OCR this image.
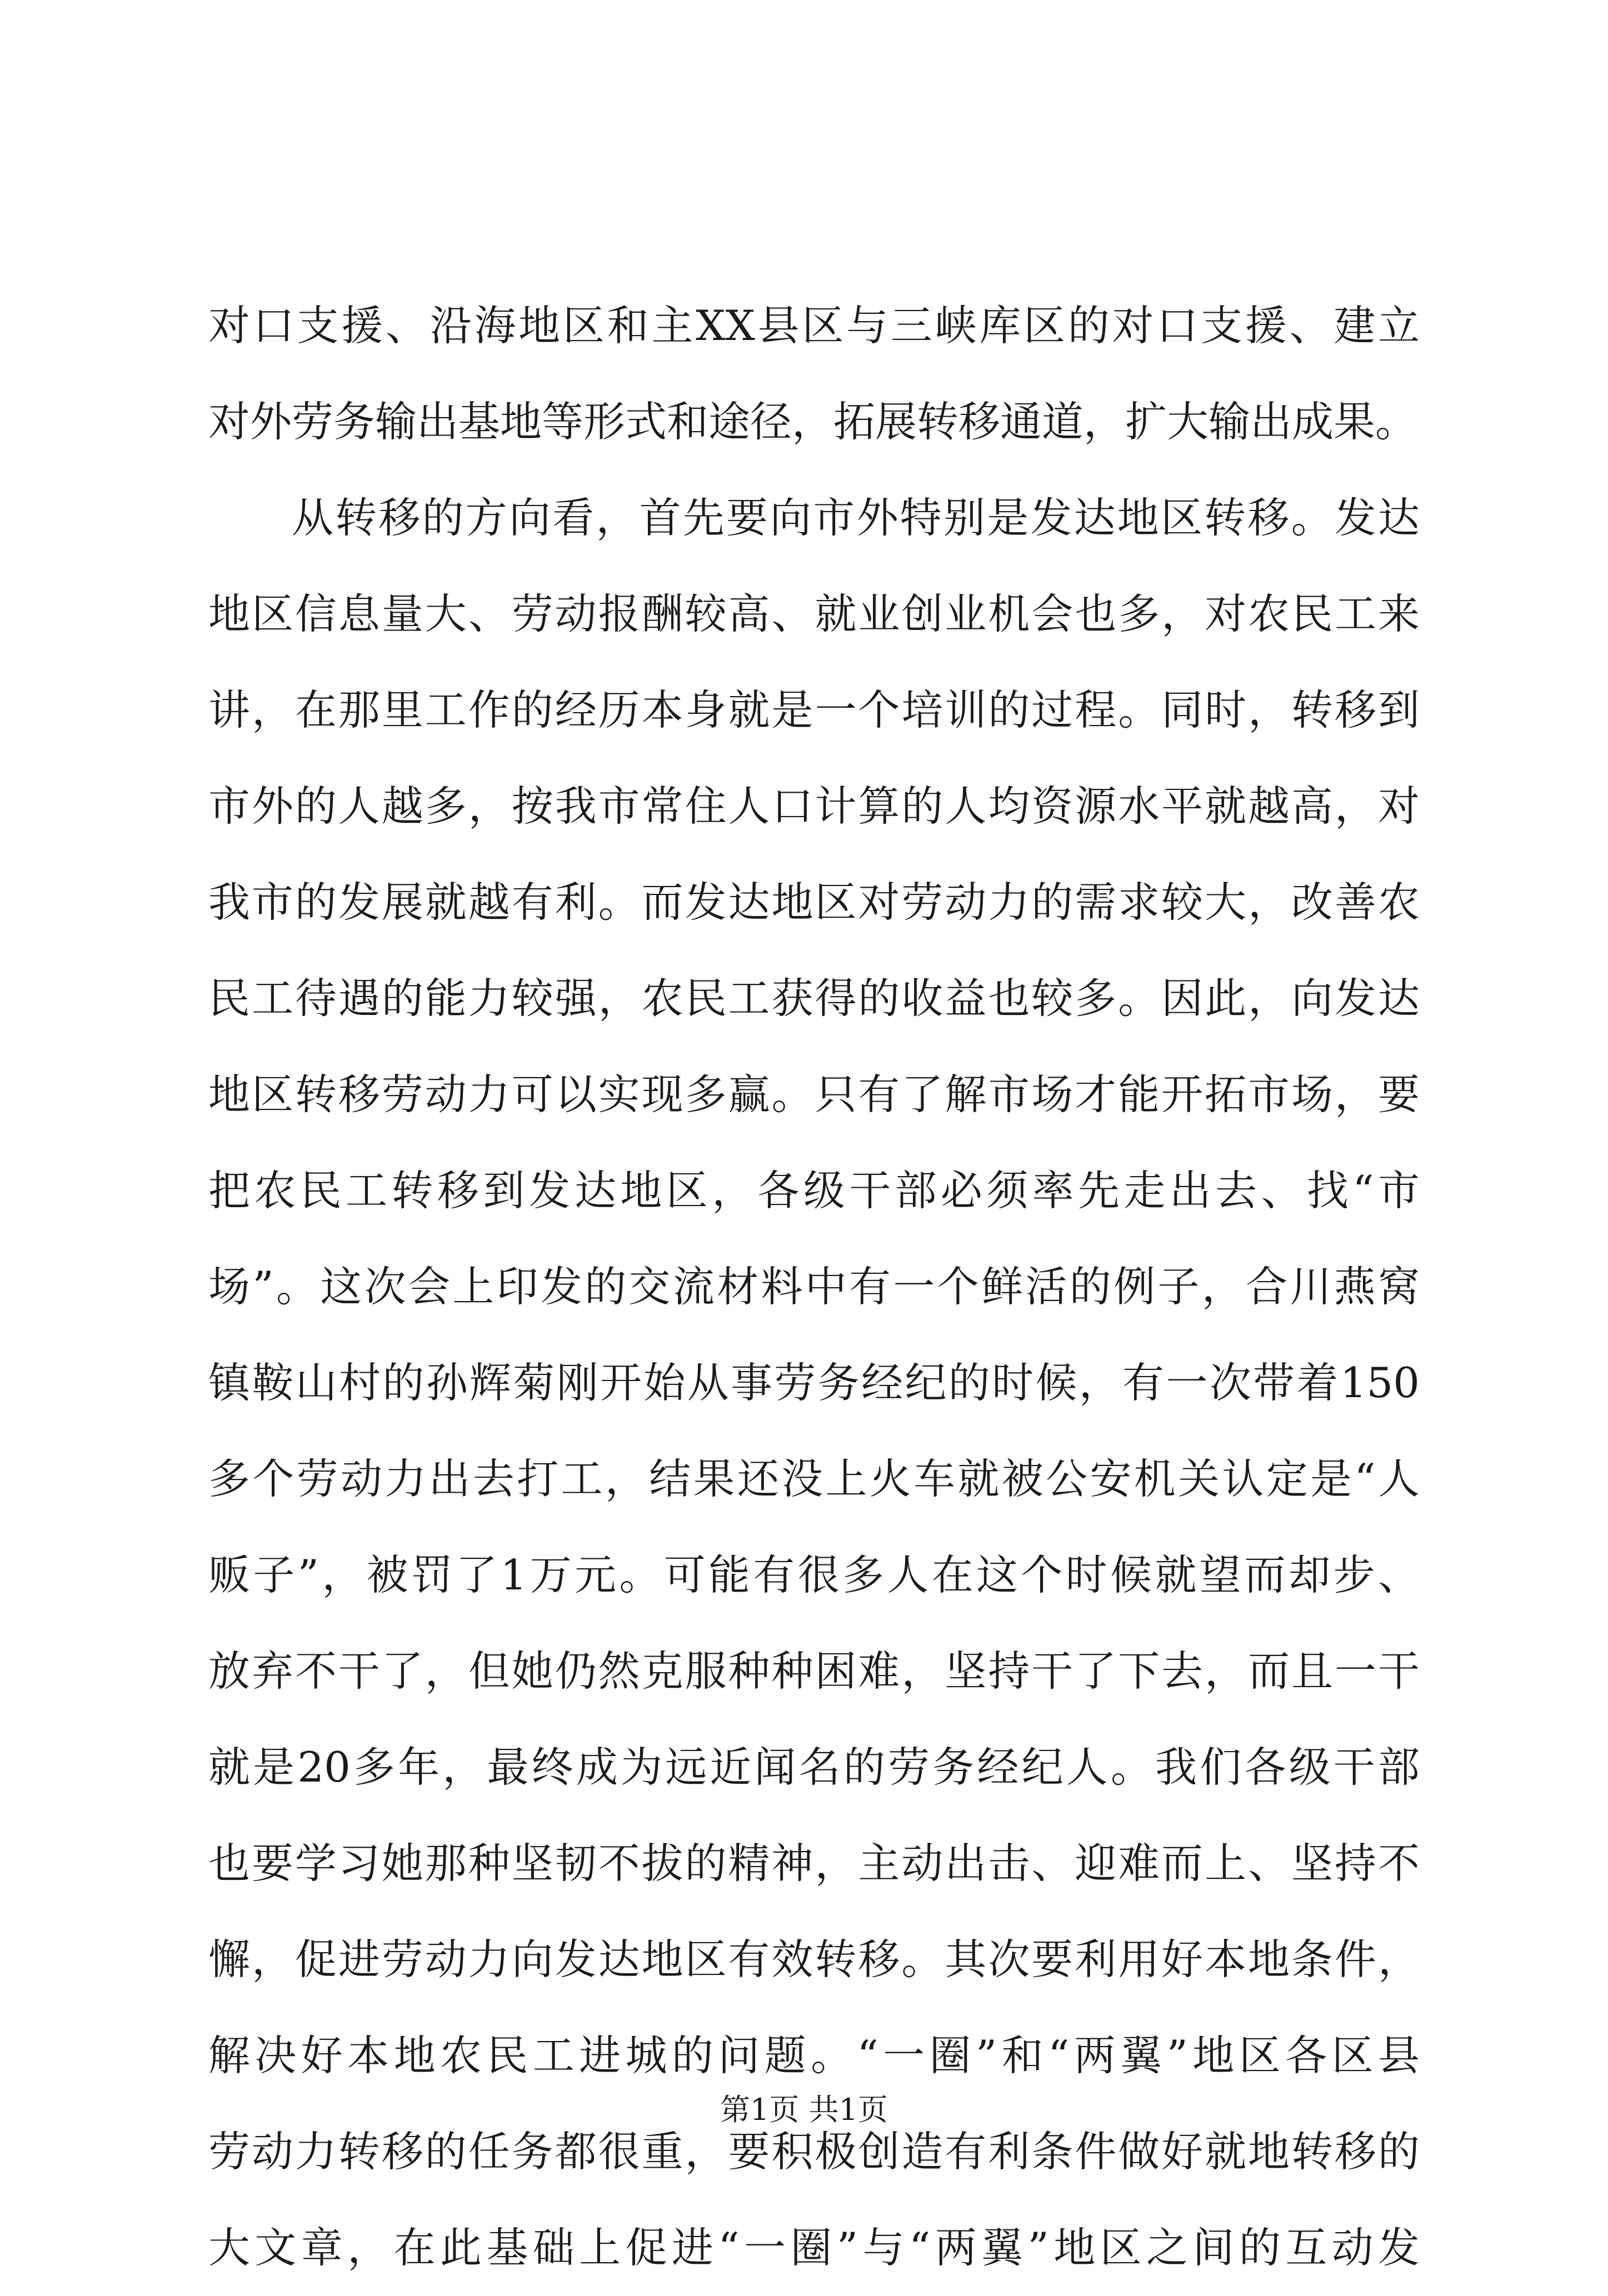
对口支援、沿海地区和主XX县区与三峡库区的对口支援、建立
对外劳务输出基地等形式和途径，拓展转移通道，扩大输出成果。
从转移的方向看，首先要向市外特别是发达地区转移。发达
地区信息量大、劳动报酬较高、就业创业机会也多，对农民工来
讲，在那里工作的经历本身就是一个培训的过程。同时，转移到
市外的人越多，按我市常住人口计算的人均资源水平就越高，对
我市的发展就越有利。而发达地区对劳动力的需求较大，改善农
民工待遇的能力较强，农民工获得的收益也较多。因此，向发达
地区转移劳动力可以实现多赢。只有了解市场才能开拓市场，要
把农民工转移到发达地区，各级干部必须率先走出去、找“市
场”。这次会上印发的交流材料中有一个鲜活的例子，合川燕窝
镇鞍山村的孙辉菊刚开始从事劳务经纪的时候，有一次带着150
多个劳动力出去打工，结果还没上火车就被公安机关认定是“人
贩子”，被罚了1万元。可能有很多人在这个时候就望而却步、
放弃不干了，但她仍然克服种种困难，坚持干了下去，而且一干
就是20多年，最终成为远近闻名的劳务经纪人。我们各级干部
也要学习她那种坚韧不拔的精神，主动出击、迎难而上、坚持不
懈，促进劳动力向发达地区有效转移。其次要利用好本地条件，
解决好本地农民工进城的问题。“一圈”和“两翼”地区各区县
劳动力转移的任务都很重，要积极创造有利条件做好就地转移的
大文章，在此基础上促进“一圈”与“两翼”地区之间的互动发
第1页 共1页
